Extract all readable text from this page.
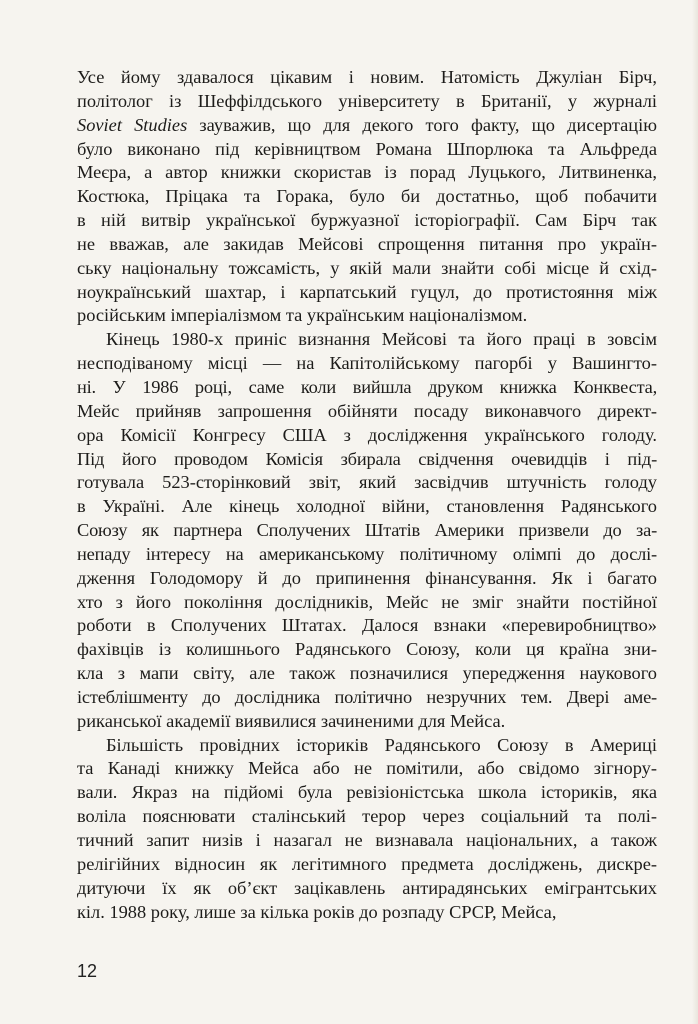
Усе йому здавалося цікавим і новим. Натомість Джуліан Бірч,
політолог із Шеффілдського університету в Британії, у журналі
Soviet Studies зауважив, що для декого того факту, що дисертацію
було виконано під керівництвом Романа Шпорлюка та Альфреда
Меєра, а автор книжки скористав із порад Луцького, Литвиненка,
Костюка, Пріцака та Горака, було би достатньо, щоб побачити
в ній витвір української буржуазної історіографії. Сам Бірч так
не вважав, але закидав Мейсові спрощення питання про україн-
ську національну тожсамість, у якій мали знайти собі місце й схід-
ноукраїнський шахтар, і карпатський гуцул, до протистояння між
російським імперіалізмом та українським націоналізмом.
Кінець 1980-х приніс визнання Мейсові та його праці в зовсім
несподіваному місці — на Капітолійському пагорбі у Вашингто-
ні. У 1986 році, саме коли вийшла друком книжка Конквеста,
Мейс прийняв запрошення обійняти посаду виконавчого директ-
ора Комісії Конгресу США з дослідження українського голоду.
Під його проводом Комісія збирала свідчення очевидців і під-
готувала 523-сторінковий звіт, який засвідчив штучність голоду
в Україні. Але кінець холодної війни, становлення Радянського
Союзу як партнера Сполучених Штатів Америки призвели до за-
непаду інтересу на американському політичному олімпі до дослі-
дження Голодомору й до припинення фінансування. Як і багато
хто з його покоління дослідників, Мейс не зміг знайти постійної
роботи в Сполучених Штатах. Далося взнаки «перевиробництво»
фахівців із колишнього Радянського Союзу, коли ця країна зни-
кла з мапи світу, але також позначилися упередження наукового
істеблішменту до дослідника політично незручних тем. Двері аме-
риканської академії виявилися зачиненими для Мейса.
Більшість провідних істориків Радянського Союзу в Америці
та Канаді книжку Мейса або не помітили, або свідомо зігнору-
вали. Якраз на підйомі була ревізіоністська школа істориків, яка
воліла пояснювати сталінський терор через соціальний та полі-
тичний запит низів і назагал не визнавала національних, а також
релігійних відносин як легітимного предмета досліджень, дискре-
дитуючи їх як об’єкт зацікавлень антирадянських емігрантських
кіл. 1988 року, лише за кілька років до розпаду СРСР, Мейса,
12
